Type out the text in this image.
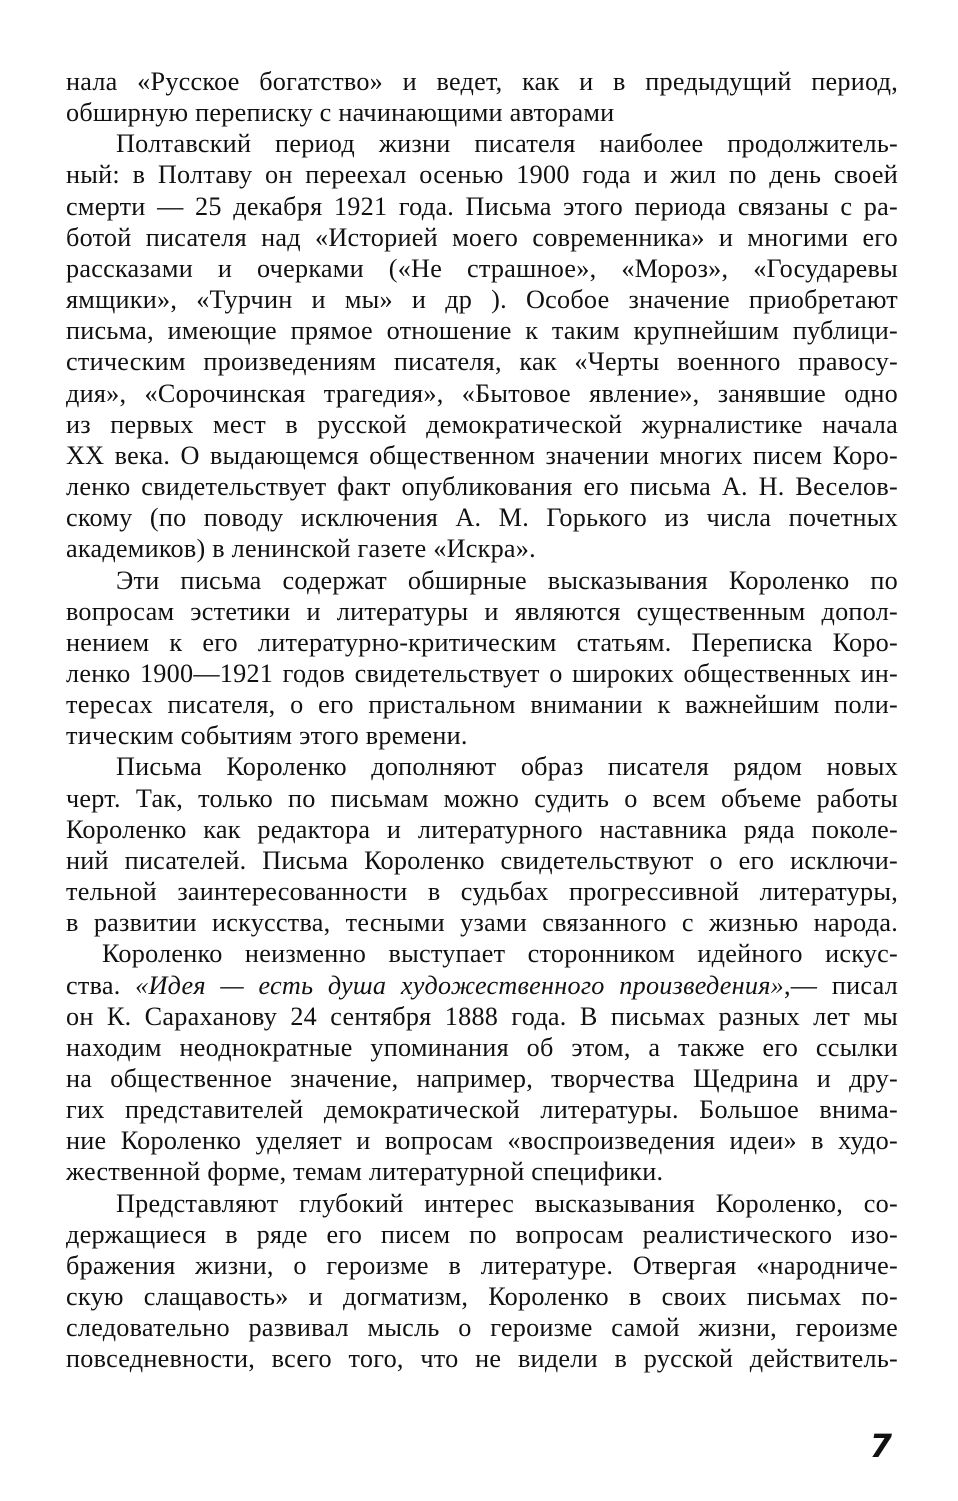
нала «Русское богатство» и ведет, как и в предыдущий период,
обширную переписку с начинающими авторами
Полтавский период жизни писателя наиболее продолжитель-
ный: в Полтаву он переехал осенью 1900 года и жил по день своей
смерти — 25 декабря 1921 года. Письма этого периода связаны с ра-
ботой писателя над «Историей моего современника» и многими его
рассказами и очерками («Не страшное», «Мороз», «Государевы
ямщики», «Турчин и мы» и др ). Особое значение приобретают
письма, имеющие прямое отношение к таким крупнейшим публици-
стическим произведениям писателя, как «Черты военного правосу-
дия», «Сорочинская трагедия», «Бытовое явление», занявшие одно
из первых мест в русской демократической журналистике начала
XX века. О выдающемся общественном значении многих писем Коро-
ленко свидетельствует факт опубликования его письма А. Н. Веселов-
скому (по поводу исключения А. М. Горького из числа почетных
академиков) в ленинской газете «Искра».
Эти письма содержат обширные высказывания Короленко по
вопросам эстетики и литературы и являются существенным допол-
нением к его литературно-критическим статьям. Переписка Коро-
ленко 1900—1921 годов свидетельствует о широких общественных ин-
тересах писателя, о его пристальном внимании к важнейшим поли-
тическим событиям этого времени.
Письма Короленко дополняют образ писателя рядом новых
черт. Так, только по письмам можно судить о всем объеме работы
Короленко как редактора и литературного наставника ряда поколе-
ний писателей. Письма Короленко свидетельствуют о его исключи-
тельной заинтересованности в судьбах прогрессивной литературы,
в развитии искусства, тесными узами связанного с жизнью народа.
Короленко неизменно выступает сторонником идейного искус-
ства. «Идея — есть душа художественного произведения»,— писал
он К. Сараханову 24 сентября 1888 года. В письмах разных лет мы
находим неоднократные упоминания об этом, а также его ссылки
на общественное значение, например, творчества Щедрина и дру-
гих представителей демократической литературы. Большое внима-
ние Короленко уделяет и вопросам «воспроизведения идеи» в худо-
жественной форме, темам литературной специфики.
Представляют глубокий интерес высказывания Короленко, со-
держащиеся в ряде его писем по вопросам реалистического изо-
бражения жизни, о героизме в литературе. Отвергая «народниче-
скую слащавость» и догматизм, Короленко в своих письмах по-
следовательно развивал мысль о героизме самой жизни, героизме
повседневности, всего того, что не видели в русской действитель-
7
